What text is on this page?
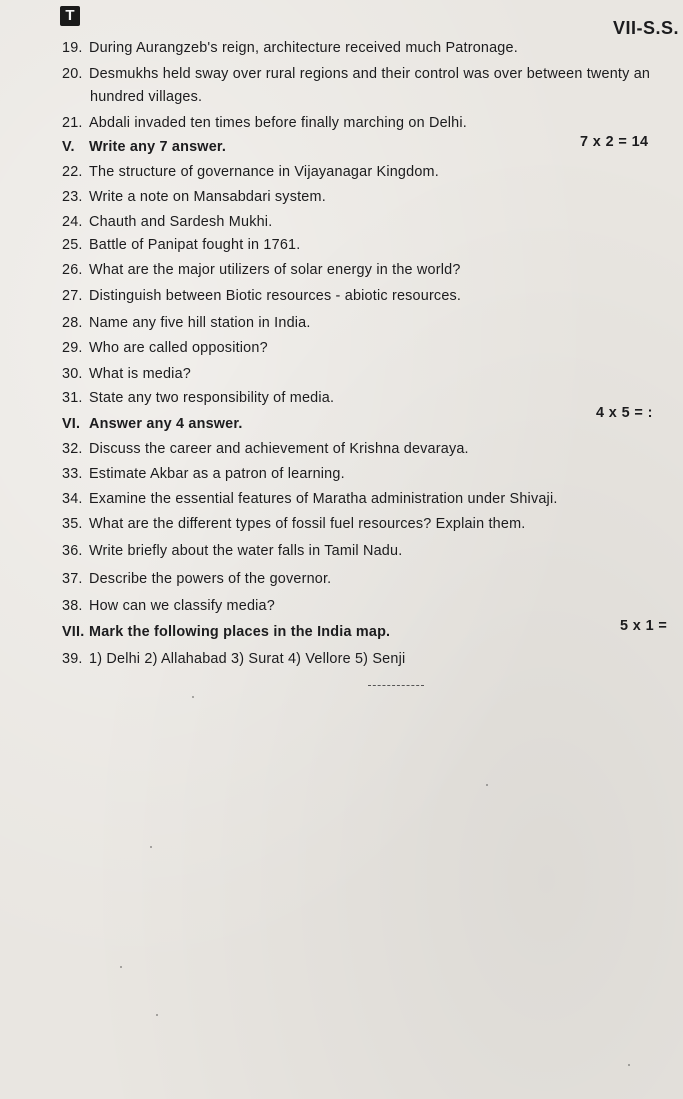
T
VII-S.S.
19. During Aurangzeb's reign, architecture received much Patronage.
20. Desmukhs held sway over rural regions and their control was over between twenty an
hundred villages.
21. Abdali invaded ten times before finally marching on Delhi.
V. Write any 7 answer.	7 x 2 = 14
22. The structure of governance in Vijayanagar Kingdom.
23. Write a note on Mansabdari system.
24. Chauth and Sardesh Mukhi.
25. Battle of Panipat fought in 1761.
26. What are the major utilizers of solar energy in the world?
27. Distinguish between Biotic resources - abiotic resources.
28. Name any five hill station in India.
29. Who are called opposition?
30. What is media?
31. State any two responsibility of media.
VI. Answer any 4 answer.
4 x 5 = :
32. Discuss the career and achievement of Krishna devaraya.
33. Estimate Akbar as a patron of learning.
34. Examine the essential features of Maratha administration under Shivaji.
35. What are the different types of fossil fuel resources? Explain them.
36. Write briefly about the water falls in Tamil Nadu.
37. Describe the powers of the governor.
38. How can we classify media?
VII. Mark the following places in the India map.	5 x 1 =
39. 1) Delhi 2) Allahabad 3) Surat 4) Vellore 5) Senji
